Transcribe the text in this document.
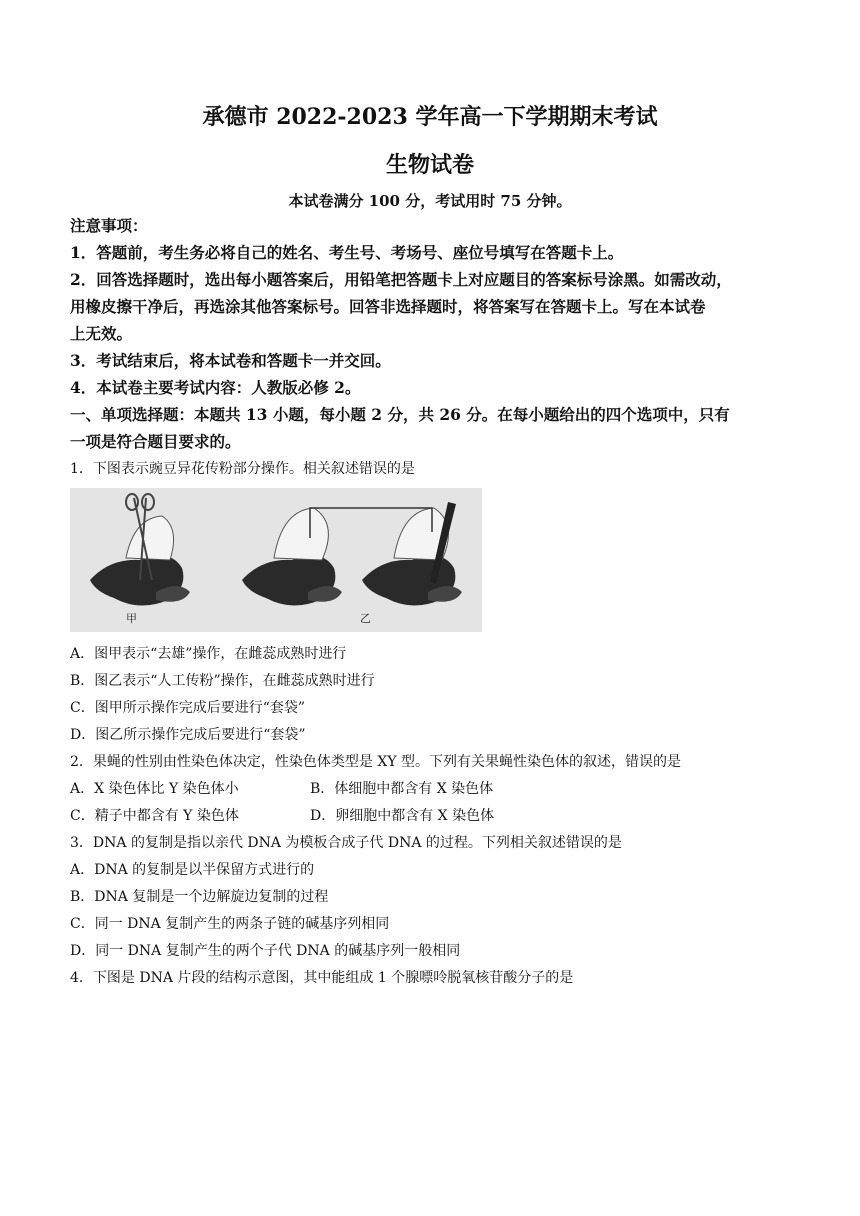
承德市 2022-2023 学年高一下学期期末考试
生物试卷
本试卷满分 100 分，考试用时 75 分钟。
注意事项：
1．答题前，考生务必将自己的姓名、考生号、考场号、座位号填写在答题卡上。
2．回答选择题时，选出每小题答案后，用铅笔把答题卡上对应题目的答案标号涂黑。如需改动，
用橡皮擦干净后，再选涂其他答案标号。回答非选择题时，将答案写在答题卡上。写在本试卷
上无效。
3．考试结束后，将本试卷和答题卡一并交回。
4．本试卷主要考试内容：人教版必修 2。
一、单项选择题：本题共 13 小题，每小题 2 分，共 26 分。在每小题给出的四个选项中，只有
一项是符合题目要求的。
1．下图表示豌豆异花传粉部分操作。相关叙述错误的是
甲	乙
A．图甲表示“去雄”操作，在雌蕊成熟时进行
B．图乙表示“人工传粉”操作，在雌蕊成熟时进行
C．图甲所示操作完成后要进行“套袋”
D．图乙所示操作完成后要进行“套袋”
2．果蝇的性别由性染色体决定，性染色体类型是 XY 型。下列有关果蝇性染色体的叙述，错误的是
A．X 染色体比 Y 染色体小	B．体细胞中都含有 X 染色体
C．精子中都含有 Y 染色体	D．卵细胞中都含有 X 染色体
3．DNA 的复制是指以亲代 DNA 为模板合成子代 DNA 的过程。下列相关叙述错误的是
A．DNA 的复制是以半保留方式进行的
B．DNA 复制是一个边解旋边复制的过程
C．同一 DNA 复制产生的两条子链的碱基序列相同
D．同一 DNA 复制产生的两个子代 DNA 的碱基序列一般相同
4．下图是 DNA 片段的结构示意图，其中能组成 1 个腺嘌呤脱氧核苷酸分子的是
